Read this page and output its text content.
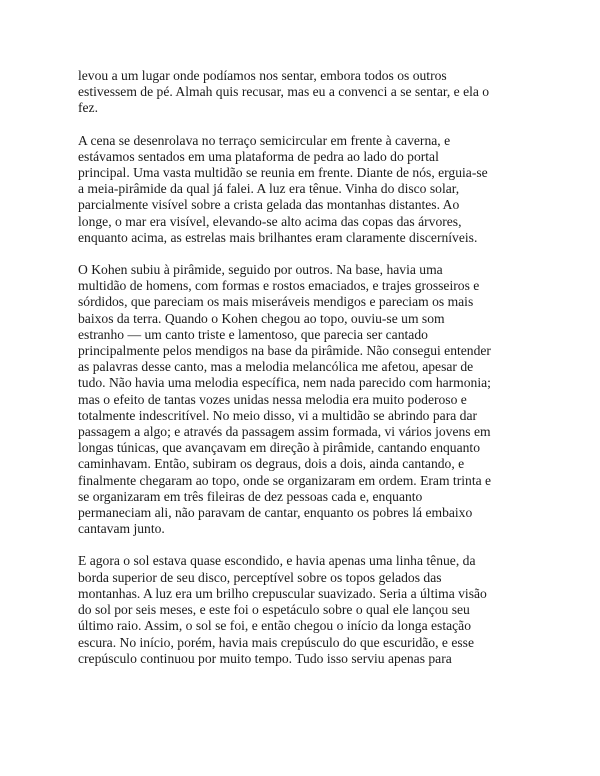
levou a um lugar onde podíamos nos sentar, embora todos os outros
estivessem de pé. Almah quis recusar, mas eu a convenci a se sentar, e ela o
fez.

A cena se desenrolava no terraço semicircular em frente à caverna, e
estávamos sentados em uma plataforma de pedra ao lado do portal
principal. Uma vasta multidão se reunia em frente. Diante de nós, erguia-se
a meia-pirâmide da qual já falei. A luz era tênue. Vinha do disco solar,
parcialmente visível sobre a crista gelada das montanhas distantes. Ao
longe, o mar era visível, elevando-se alto acima das copas das árvores,
enquanto acima, as estrelas mais brilhantes eram claramente discerníveis.

O Kohen subiu à pirâmide, seguido por outros. Na base, havia uma
multidão de homens, com formas e rostos emaciados, e trajes grosseiros e
sórdidos, que pareciam os mais miseráveis mendigos e pareciam os mais
baixos da terra. Quando o Kohen chegou ao topo, ouviu-se um som
estranho — um canto triste e lamentoso, que parecia ser cantado
principalmente pelos mendigos na base da pirâmide. Não consegui entender
as palavras desse canto, mas a melodia melancólica me afetou, apesar de
tudo. Não havia uma melodia específica, nem nada parecido com harmonia;
mas o efeito de tantas vozes unidas nessa melodia era muito poderoso e
totalmente indescritível. No meio disso, vi a multidão se abrindo para dar
passagem a algo; e através da passagem assim formada, vi vários jovens em
longas túnicas, que avançavam em direção à pirâmide, cantando enquanto
caminhavam. Então, subiram os degraus, dois a dois, ainda cantando, e
finalmente chegaram ao topo, onde se organizaram em ordem. Eram trinta e
se organizaram em três fileiras de dez pessoas cada e, enquanto
permaneciam ali, não paravam de cantar, enquanto os pobres lá embaixo
cantavam junto.

E agora o sol estava quase escondido, e havia apenas uma linha tênue, da
borda superior de seu disco, perceptível sobre os topos gelados das
montanhas. A luz era um brilho crepuscular suavizado. Seria a última visão
do sol por seis meses, e este foi o espetáculo sobre o qual ele lançou seu
último raio. Assim, o sol se foi, e então chegou o início da longa estação
escura. No início, porém, havia mais crepúsculo do que escuridão, e esse
crepúsculo continuou por muito tempo. Tudo isso serviu apenas para
